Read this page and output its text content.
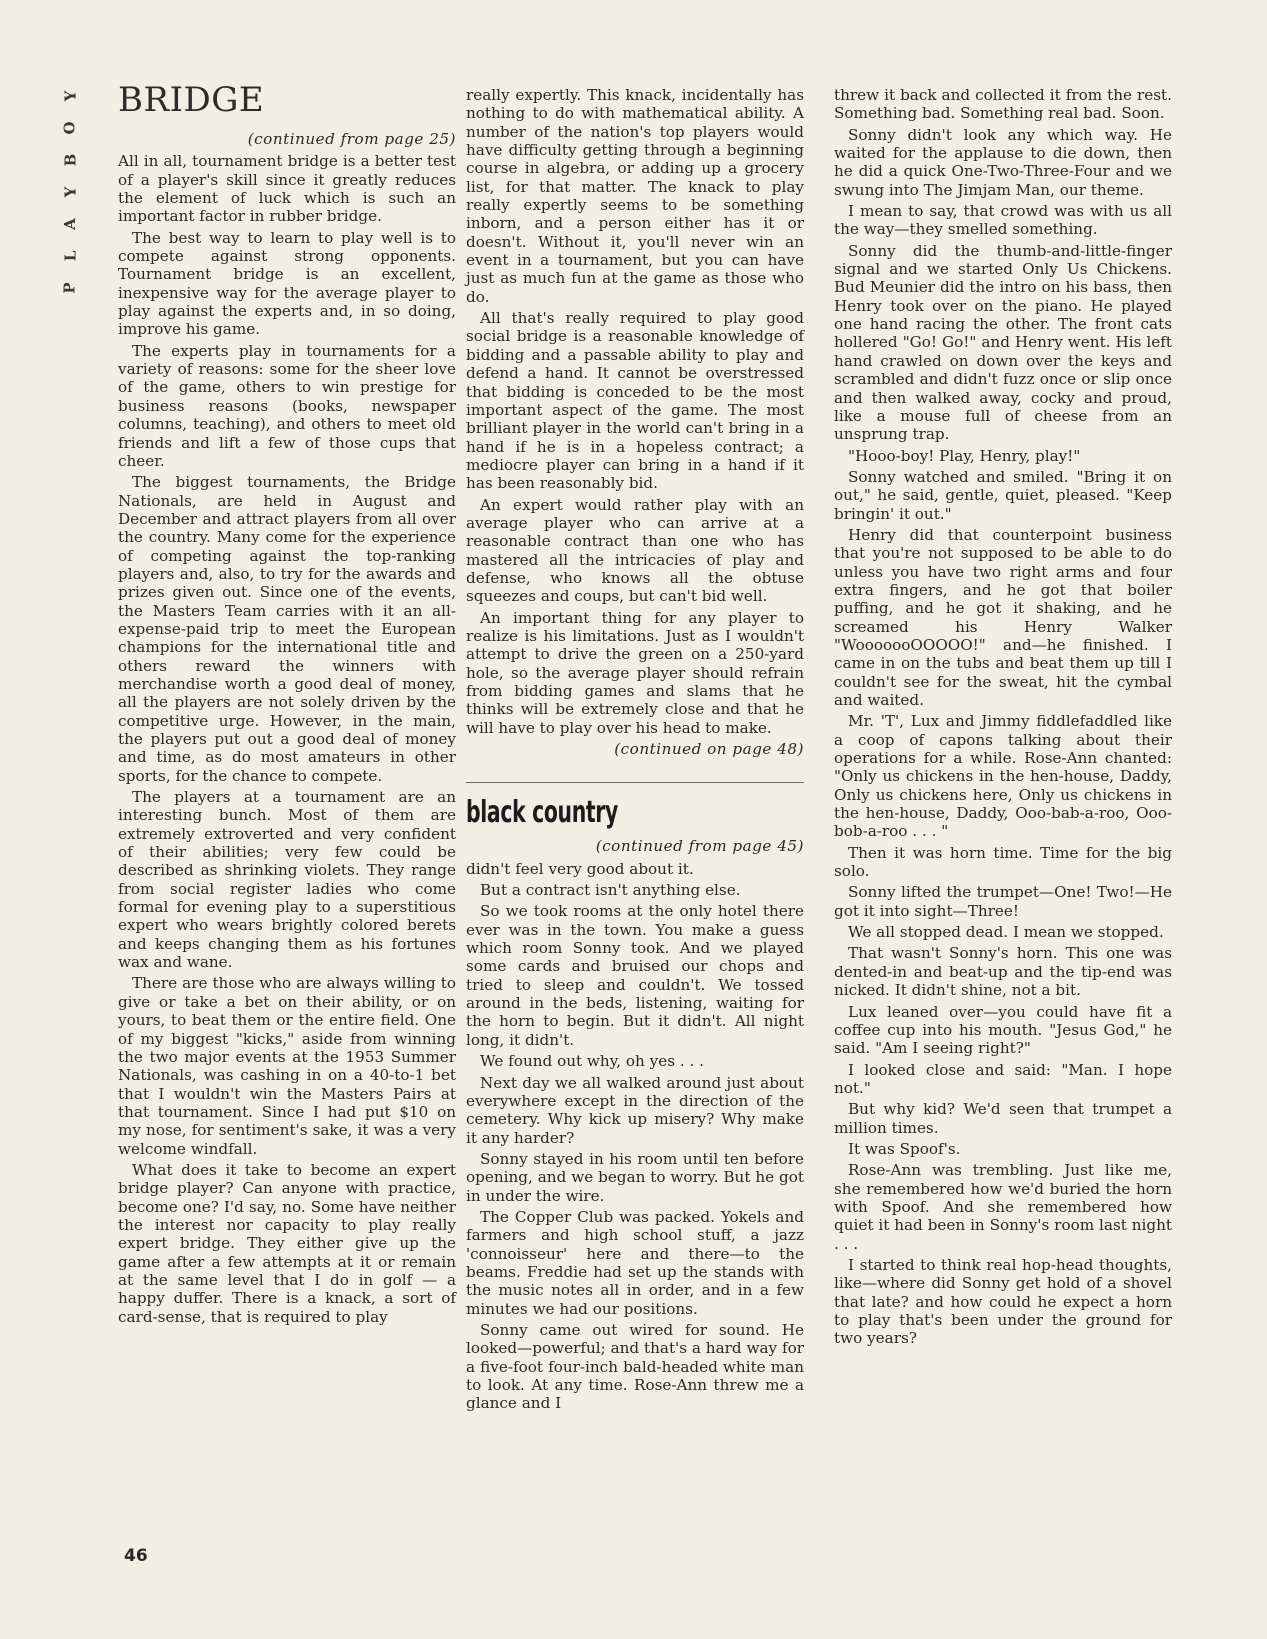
Y
O
B
Y
A
L
P
BRIDGE

(continued from page 25)

All in all, tournament bridge is a better test of a player's skill since it greatly reduces the element of luck which is such an important factor in rubber bridge.

The best way to learn to play well is to compete against strong opponents. Tournament bridge is an excellent, inexpensive way for the average player to play against the experts and, in so doing, improve his game.

The experts play in tournaments for a variety of reasons: some for the sheer love of the game, others to win prestige for business reasons (books, newspaper columns, teaching), and others to meet old friends and lift a few of those cups that cheer.

The biggest tournaments, the Bridge Nationals, are held in August and December and attract players from all over the country. Many come for the experience of competing against the top-ranking players and, also, to try for the awards and prizes given out. Since one of the events, the Masters Team carries with it an all-expense-paid trip to meet the European champions for the international title and others reward the winners with merchandise worth a good deal of money, all the players are not solely driven by the competitive urge. However, in the main, the players put out a good deal of money and time, as do most amateurs in other sports, for the chance to compete.

The players at a tournament are an interesting bunch. Most of them are extremely extroverted and very confident of their abilities; very few could be described as shrinking violets. They range from social register ladies who come formal for evening play to a superstitious expert who wears brightly colored berets and keeps changing them as his fortunes wax and wane.

There are those who are always willing to give or take a bet on their ability, or on yours, to beat them or the entire field. One of my biggest "kicks," aside from winning the two major events at the 1953 Summer Nationals, was cashing in on a 40-to-1 bet that I wouldn't win the Masters Pairs at that tournament. Since I had put $10 on my nose, for sentiment's sake, it was a very welcome windfall.

What does it take to become an expert bridge player? Can anyone with practice, become one? I'd say, no. Some have neither the interest nor capacity to play really expert bridge. They either give up the game after a few attempts at it or remain at the same level that I do in golf — a happy duffer. There is a knack, a sort of card-sense, that is required to play

really expertly. This knack, incidentally has nothing to do with mathematical ability. A number of the nation's top players would have difficulty getting through a beginning course in algebra, or adding up a grocery list, for that matter. The knack to play really expertly seems to be something inborn, and a person either has it or doesn't. Without it, you'll never win an event in a tournament, but you can have just as much fun at the game as those who do.

All that's really required to play good social bridge is a reasonable knowledge of bidding and a passable ability to play and defend a hand. It cannot be overstressed that bidding is conceded to be the most important aspect of the game. The most brilliant player in the world can't bring in a hand if he is in a hopeless contract; a mediocre player can bring in a hand if it has been reasonably bid.

An expert would rather play with an average player who can arrive at a reasonable contract than one who has mastered all the intricacies of play and defense, who knows all the obtuse squeezes and coups, but can't bid well.

An important thing for any player to realize is his limitations. Just as I wouldn't attempt to drive the green on a 250-yard hole, so the average player should refrain from bidding games and slams that he thinks will be extremely close and that he will have to play over his head to make.

(continued on page 48)

black country

(continued from page 45)

didn't feel very good about it.

But a contract isn't anything else.

So we took rooms at the only hotel there ever was in the town. You make a guess which room Sonny took. And we played some cards and bruised our chops and tried to sleep and couldn't. We tossed around in the beds, listening, waiting for the horn to begin. But it didn't. All night long, it didn't.

We found out why, oh yes . . .

Next day we all walked around just about everywhere except in the direction of the cemetery. Why kick up misery? Why make it any harder?

Sonny stayed in his room until ten before opening, and we began to worry. But he got in under the wire.

The Copper Club was packed. Yokels and farmers and high school stuff, a jazz 'connoisseur' here and there—to the beams. Freddie had set up the stands with the music notes all in order, and in a few minutes we had our positions.

Sonny came out wired for sound. He looked—powerful; and that's a hard way for a five-foot four-inch bald-headed white man to look. At any time. Rose-Ann threw me a glance and I

threw it back and collected it from the rest. Something bad. Something real bad. Soon.

Sonny didn't look any which way. He waited for the applause to die down, then he did a quick One-Two-Three-Four and we swung into The Jimjam Man, our theme.

I mean to say, that crowd was with us all the way—they smelled something.

Sonny did the thumb-and-little-finger signal and we started Only Us Chickens. Bud Meunier did the intro on his bass, then Henry took over on the piano. He played one hand racing the other. The front cats hollered "Go! Go!" and Henry went. His left hand crawled on down over the keys and scrambled and didn't fuzz once or slip once and then walked away, cocky and proud, like a mouse full of cheese from an unsprung trap.

"Hooo-boy! Play, Henry, play!"

Sonny watched and smiled. "Bring it on out," he said, gentle, quiet, pleased. "Keep bringin' it out."

Henry did that counterpoint business that you're not supposed to be able to do unless you have two right arms and four extra fingers, and he got that boiler puffing, and he got it shaking, and he screamed his Henry Walker "WooooooOOOOO!" and—he finished. I came in on the tubs and beat them up till I couldn't see for the sweat, hit the cymbal and waited.

Mr. 'T', Lux and Jimmy fiddlefaddled like a coop of capons talking about their operations for a while. Rose-Ann chanted: "Only us chickens in the hen-house, Daddy, Only us chickens here, Only us chickens in the hen-house, Daddy, Ooo-bab-a-roo, Ooo-bob-a-roo . . . "

Then it was horn time. Time for the big solo.

Sonny lifted the trumpet—One! Two!—He got it into sight—Three!

We all stopped dead. I mean we stopped.

That wasn't Sonny's horn. This one was dented-in and beat-up and the tip-end was nicked. It didn't shine, not a bit.

Lux leaned over—you could have fit a coffee cup into his mouth. "Jesus God," he said. "Am I seeing right?"

I looked close and said: "Man. I hope not."

But why kid? We'd seen that trumpet a million times.

It was Spoof's.

Rose-Ann was trembling. Just like me, she remembered how we'd buried the horn with Spoof. And she remembered how quiet it had been in Sonny's room last night . . .

I started to think real hop-head thoughts, like—where did Sonny get hold of a shovel that late? and how could he expect a horn to play that's been under the ground for two years?

46
